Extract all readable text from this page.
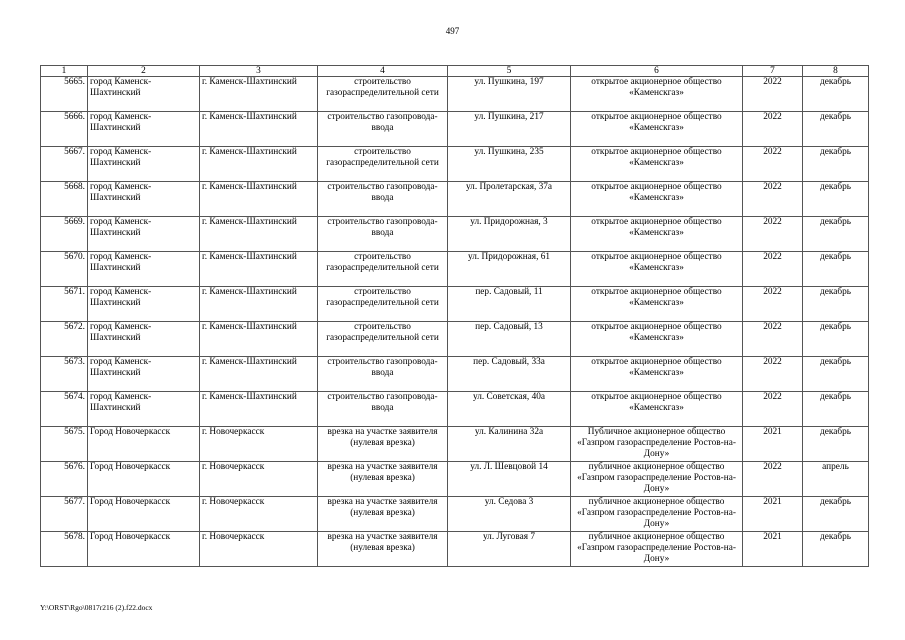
497
1	2	3	4	5	6	7	8
5665.	город Каменск-Шахтинский	г. Каменск-Шахтинский	строительство газораспределительной сети	ул. Пушкина, 197	открытое акционерное общество «Каменскгаз»	2022	декабрь
5666.	город Каменск-Шахтинский	г. Каменск-Шахтинский	строительство газопровода-ввода	ул. Пушкина, 217	открытое акционерное общество «Каменскгаз»	2022	декабрь
5667.	город Каменск-Шахтинский	г. Каменск-Шахтинский	строительство газораспределительной сети	ул. Пушкина, 235	открытое акционерное общество «Каменскгаз»	2022	декабрь
5668.	город Каменск-Шахтинский	г. Каменск-Шахтинский	строительство газопровода-ввода	ул. Пролетарская, 37а	открытое акционерное общество «Каменскгаз»	2022	декабрь
5669.	город Каменск-Шахтинский	г. Каменск-Шахтинский	строительство газопровода-ввода	ул. Придорожная, 3	открытое акционерное общество «Каменскгаз»	2022	декабрь
5670.	город Каменск-Шахтинский	г. Каменск-Шахтинский	строительство газораспределительной сети	ул. Придорожная, 61	открытое акционерное общество «Каменскгаз»	2022	декабрь
5671.	город Каменск-Шахтинский	г. Каменск-Шахтинский	строительство газораспределительной сети	пер. Садовый, 11	открытое акционерное общество «Каменскгаз»	2022	декабрь
5672.	город Каменск-Шахтинский	г. Каменск-Шахтинский	строительство газораспределительной сети	пер. Садовый, 13	открытое акционерное общество «Каменскгаз»	2022	декабрь
5673.	город Каменск-Шахтинский	г. Каменск-Шахтинский	строительство газопровода-ввода	пер. Садовый, 33а	открытое акционерное общество «Каменскгаз»	2022	декабрь
5674.	город Каменск-Шахтинский	г. Каменск-Шахтинский	строительство газопровода-ввода	ул. Советская, 40а	открытое акционерное общество «Каменскгаз»	2022	декабрь
5675.	Город Новочеркасск	г. Новочеркасск	врезка на участке заявителя (нулевая врезка)	ул. Калинина 32а	Публичное акционерное общество «Газпром газораспределение Ростов-на-Дону»	2021	декабрь
5676.	Город Новочеркасск	г. Новочеркасск	врезка на участке заявителя (нулевая врезка)	ул. Л. Шевцовой 14	публичное акционерное общество «Газпром газораспределение Ростов-на-Дону»	2022	апрель
5677.	Город Новочеркасск	г. Новочеркасск	врезка на участке заявителя (нулевая врезка)	ул. Седова 3	публичное акционерное общество «Газпром газораспределение Ростов-на-Дону»	2021	декабрь
5678.	Город Новочеркасск	г. Новочеркасск	врезка на участке заявителя (нулевая врезка)	ул. Луговая 7	публичное акционерное общество «Газпром газораспределение Ростов-на-Дону»	2021	декабрь
Y:\ORST\Rgo\0817r216 (2).f22.docx
